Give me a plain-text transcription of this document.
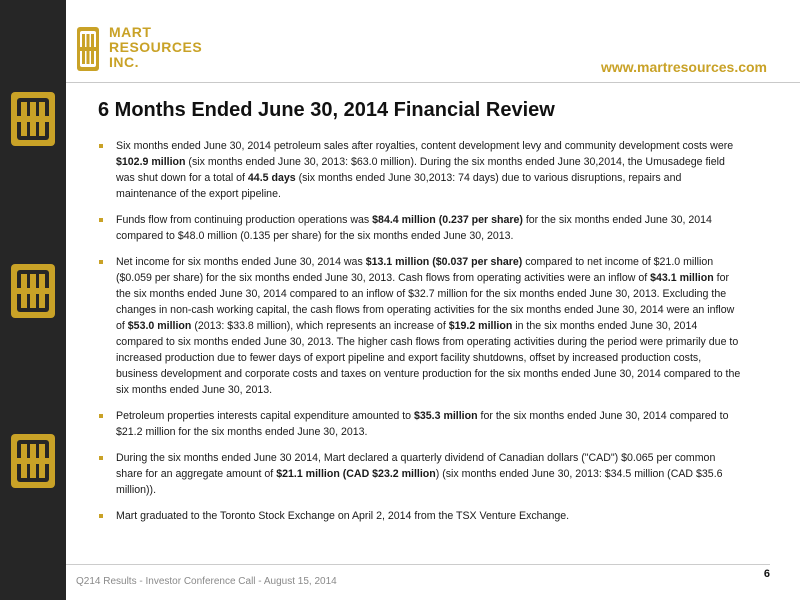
MART
RESOURCES
INC.	www.martresources.com
6 Months Ended June 30, 2014 Financial Review
Six months ended June 30, 2014 petroleum sales after royalties, content development levy and community development costs were $102.9 million (six months ended June 30, 2013: $63.0 million). During the six months ended June 30,2014, the Umusadege field was shut down for a total of 44.5 days (six months ended June 30,2013: 74 days) due to various disruptions, repairs and maintenance of the export pipeline.
Funds flow from continuing production operations was $84.4 million (0.237 per share) for the six months ended June 30, 2014 compared to $48.0 million (0.135 per share) for the six months ended June 30, 2013.
Net income for six months ended June 30, 2014 was $13.1 million ($0.037 per share) compared to net income of $21.0 million ($0.059 per share) for the six months ended June 30, 2013. Cash flows from operating activities were an inflow of $43.1 million for the six months ended June 30, 2014 compared to an inflow of $32.7 million for the six months ended June 30, 2013. Excluding the changes in non-cash working capital, the cash flows from operating activities for the six months ended June 30, 2014 were an inflow of $53.0 million (2013: $33.8 million), which represents an increase of $19.2 million in the six months ended June 30, 2014 compared to six months ended June 30, 2013. The higher cash flows from operating activities during the period were primarily due to increased production due to fewer days of export pipeline and export facility shutdowns, offset by increased production costs, business development and corporate costs and taxes on venture production for the six months ended June 30, 2014 compared to the six months ended June 30, 2013.
Petroleum properties interests capital expenditure amounted to $35.3 million for the six months ended June 30, 2014 compared to $21.2 million for the six months ended June 30, 2013.
During the six months ended June 30 2014, Mart declared a quarterly dividend of Canadian dollars ("CAD") $0.065 per common share for an aggregate amount of $21.1 million (CAD $23.2 million) (six months ended June 30, 2013: $34.5 million (CAD $35.6 million)).
Mart graduated to the Toronto Stock Exchange on April 2, 2014 from the TSX Venture Exchange.
Q214 Results - Investor Conference Call - August 15, 2014
6
